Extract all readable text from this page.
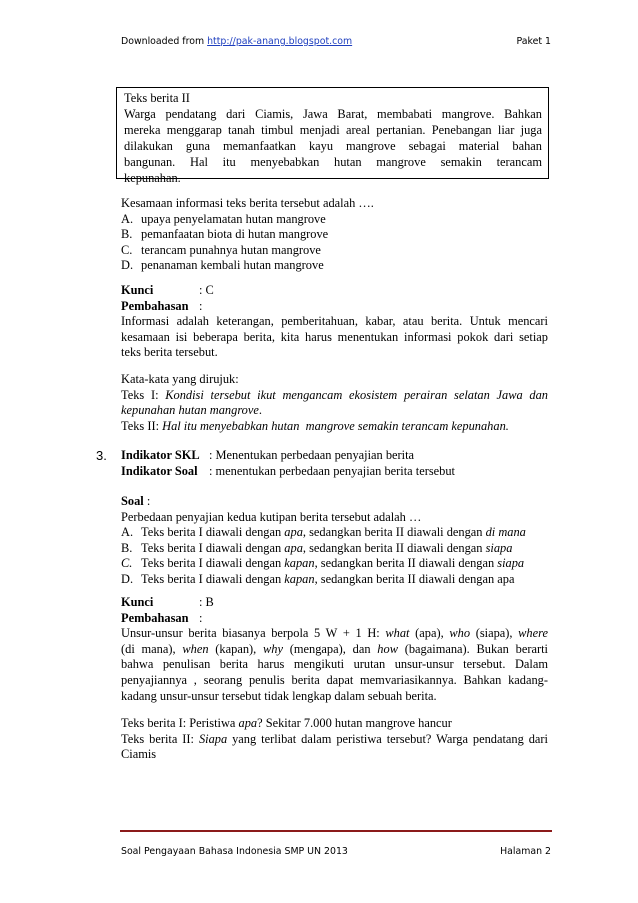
Downloaded from http://pak-anang.blogspot.com	Paket 1
Teks berita II
Warga pendatang dari Ciamis, Jawa Barat, membabati mangrove. Bahkan
mereka menggarap tanah timbul menjadi areal pertanian. Penebangan liar juga
dilakukan guna memanfaatkan kayu mangrove sebagai material bahan
bangunan. Hal itu menyebabkan hutan mangrove semakin terancam
kepunahan.
Kesamaan informasi teks berita tersebut adalah ….
A. upaya penyelamatan hutan mangrove
B. pemanfaatan biota di hutan mangrove
C. terancam punahnya hutan mangrove
D. penanaman kembali hutan mangrove
Kunci	: C
Pembahasan :
Informasi adalah keterangan, pemberitahuan, kabar, atau berita. Untuk mencari
kesamaan isi beberapa berita, kita harus menentukan informasi pokok dari setiap
teks berita tersebut.
Kata-kata yang dirujuk:
Teks I: Kondisi tersebut ikut mengancam ekosistem perairan selatan Jawa dan
kepunahan hutan mangrove.
Teks II: Hal itu menyebabkan hutan  mangrove semakin terancam kepunahan.
3. Indikator SKL : Menentukan perbedaan penyajian berita
Indikator Soal : menentukan perbedaan penyajian berita tersebut
Soal :
Perbedaan penyajian kedua kutipan berita tersebut adalah …
A. Teks berita I diawali dengan apa, sedangkan berita II diawali dengan di mana
B. Teks berita I diawali dengan apa, sedangkan berita II diawali dengan siapa
C. Teks berita I diawali dengan kapan, sedangkan berita II diawali dengan siapa
D. Teks berita I diawali dengan kapan, sedangkan berita II diawali dengan apa
Kunci	: B
Pembahasan :
Unsur-unsur berita biasanya berpola 5 W + 1 H: what (apa), who (siapa), where
(di mana), when (kapan), why (mengapa), dan how (bagaimana). Bukan berarti
bahwa penulisan berita harus mengikuti urutan unsur-unsur tersebut. Dalam
penyajiannya , seorang penulis berita dapat memvariasikannya. Bahkan kadang-
kadang unsur-unsur tersebut tidak lengkap dalam sebuah berita.
Teks berita I: Peristiwa apa? Sekitar 7.000 hutan mangrove hancur
Teks berita II: Siapa yang terlibat dalam peristiwa tersebut? Warga pendatang dari
Ciamis
Soal Pengayaan Bahasa Indonesia SMP UN 2013	Halaman 2
